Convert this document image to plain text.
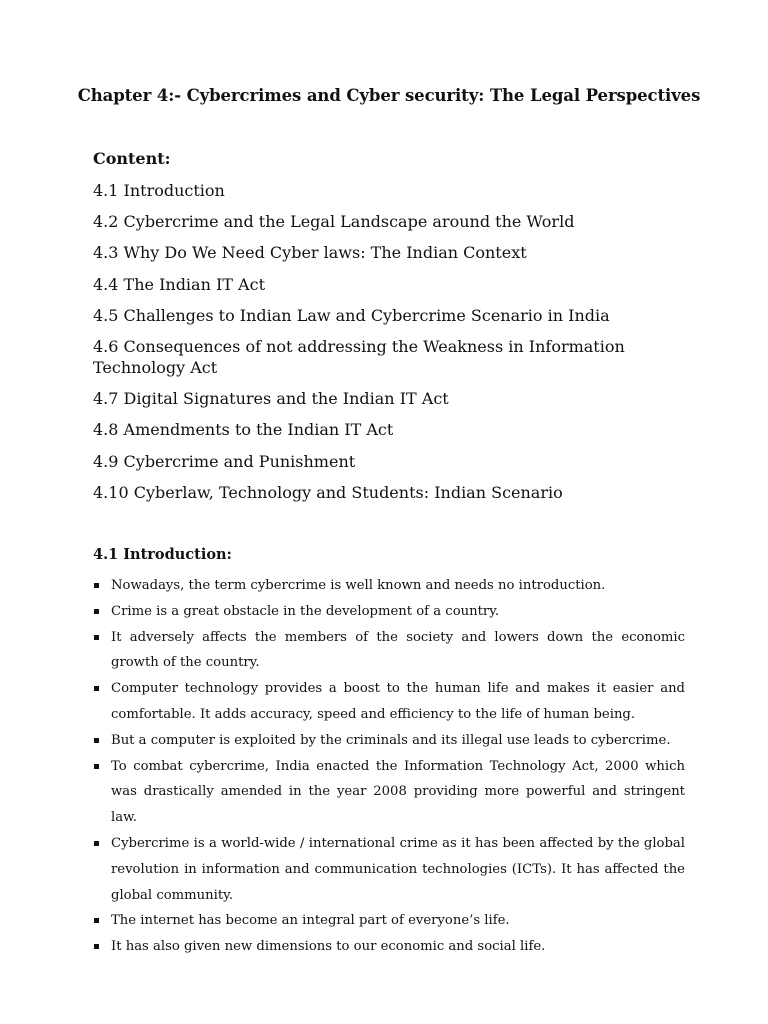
Chapter 4:- Cybercrimes and Cyber security: The Legal Perspectives
Content:
4.1 Introduction
4.2 Cybercrime and the Legal Landscape around the World
4.3 Why Do We Need Cyber laws: The Indian Context
4.4 The Indian IT Act
4.5 Challenges to Indian Law and Cybercrime Scenario in India
4.6 Consequences of not addressing the Weakness in Information Technology Act
4.7 Digital Signatures and the Indian IT Act
4.8 Amendments to the Indian IT Act
4.9 Cybercrime and Punishment
4.10 Cyberlaw, Technology and Students: Indian Scenario
4.1 Introduction:
Nowadays, the term cybercrime is well known and needs no introduction.
Crime is a great obstacle in the development of a country.
It adversely affects the members of the society and lowers down the economic growth of the country.
Computer technology provides a boost to the human life and makes it easier and comfortable. It adds accuracy, speed and efficiency to the life of human being.
But a computer is exploited by the criminals and its illegal use leads to cybercrime.
To combat cybercrime, India enacted the Information Technology Act, 2000 which was drastically amended in the year 2008 providing more powerful and stringent law.
Cybercrime is a world-wide / international crime as it has been affected by the global revolution in information and communication technologies (ICTs). It has affected the global community.
The internet has become an integral part of everyone’s life.
It has also given new dimensions to our economic and social life.
